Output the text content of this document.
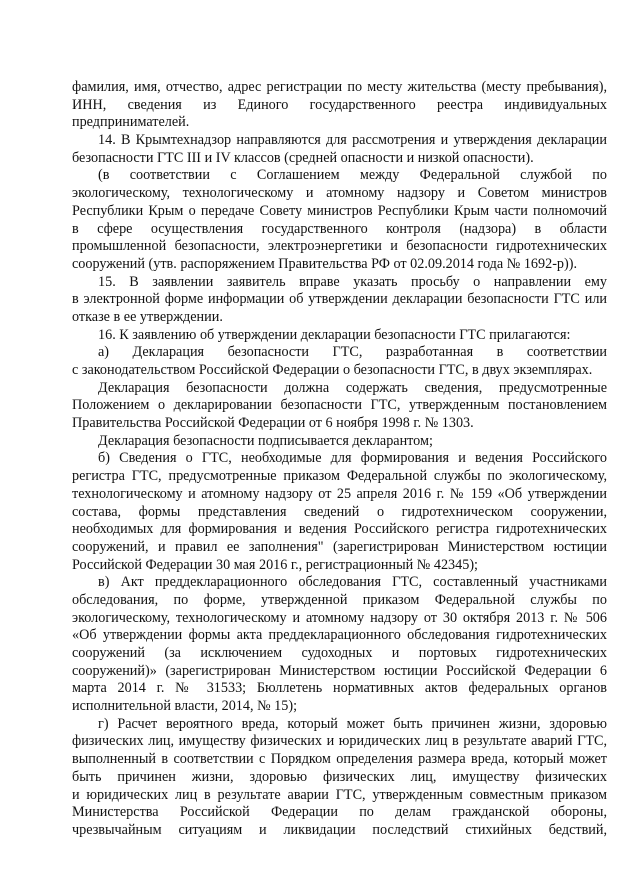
фамилия, имя, отчество, адрес регистрации по месту жительства (месту пребывания),
ИНН, сведения из Единого государственного реестра индивидуальных
предпринимателей.
14. В Крымтехнадзор направляются для рассмотрения и утверждения декларации
безопасности ГТС III и IV классов (средней опасности и низкой опасности).
(в соответствии с Соглашением между Федеральной службой по
экологическому, технологическому и атомному надзору и Советом министров
Республики Крым о передаче Совету министров Республики Крым части полномочий
в сфере осуществления государственного контроля (надзора) в области
промышленной безопасности, электроэнергетики и безопасности гидротехнических
сооружений (утв. распоряжением Правительства РФ от 02.09.2014 года № 1692-р)).
15. В заявлении заявитель вправе указать просьбу о направлении ему
в электронной форме информации об утверждении декларации безопасности ГТС или
отказе в ее утверждении.
16. К заявлению об утверждении декларации безопасности ГТС прилагаются:
а) Декларация безопасности ГТС, разработанная в соответствии
с законодательством Российской Федерации о безопасности ГТС, в двух экземплярах.
Декларация безопасности должна содержать сведения, предусмотренные
Положением о декларировании безопасности ГТС, утвержденным постановлением
Правительства Российской Федерации от 6 ноября 1998 г. № 1303.
Декларация безопасности подписывается декларантом;
б) Сведения о ГТС, необходимые для формирования и ведения Российского
регистра ГТС, предусмотренные приказом Федеральной службы по экологическому,
технологическому и атомному надзору от 25 апреля 2016 г. № 159 «Об утверждении
состава, формы представления сведений о гидротехническом сооружении,
необходимых для формирования и ведения Российского регистра гидротехнических
сооружений, и правил ее заполнения" (зарегистрирован Министерством юстиции
Российской Федерации 30 мая 2016 г., регистрационный № 42345);
в) Акт преддекларационного обследования ГТС, составленный участниками
обследования, по форме, утвержденной приказом Федеральной службы по
экологическому, технологическому и атомному надзору от 30 октября 2013 г. № 506
«Об утверждении формы акта преддекларационного обследования гидротехнических
сооружений (за исключением судоходных и портовых гидротехнических
сооружений)» (зарегистрирован Министерством юстиции Российской Федерации 6
марта 2014 г. № 31533; Бюллетень нормативных актов федеральных органов
исполнительной власти, 2014, № 15);
г) Расчет вероятного вреда, который может быть причинен жизни, здоровью
физических лиц, имуществу физических и юридических лиц в результате аварий ГТС,
выполненный в соответствии с Порядком определения размера вреда, который может
быть причинен жизни, здоровью физических лиц, имуществу физических
и юридических лиц в результате аварии ГТС, утвержденным совместным приказом
Министерства Российской Федерации по делам гражданской обороны,
чрезвычайным ситуациям и ликвидации последствий стихийных бедствий,
